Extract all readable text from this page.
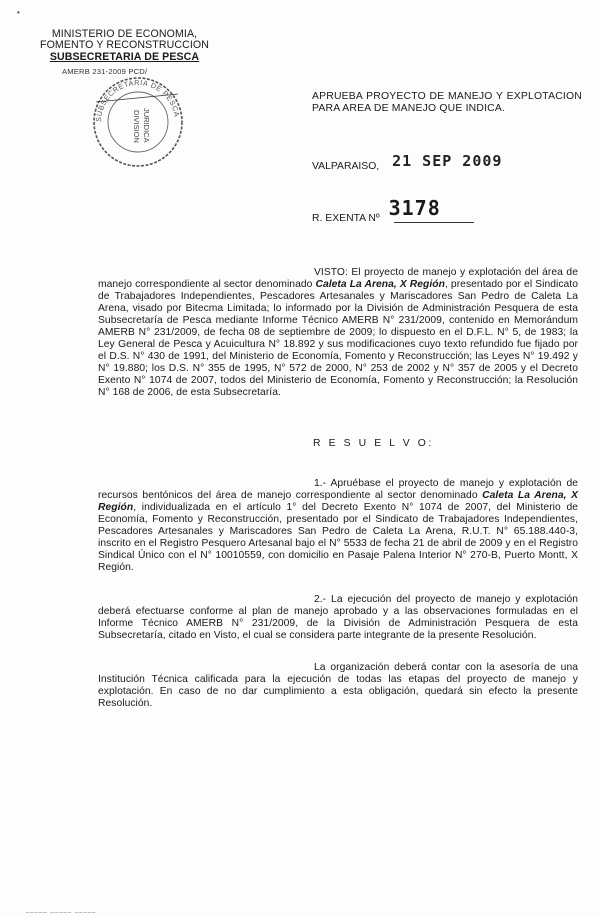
•
MINISTERIO DE ECONOMIA,
FOMENTO Y RECONSTRUCCION
SUBSECRETARIA DE PESCA
AMERB 231-2009 PCD/
SUBSECRETARIA DE PESCA
DIVISION JURIDICA
APRUEBA PROYECTO DE MANEJO Y EXPLOTACION PARA AREA DE MANEJO QUE INDICA.
VALPARAISO, 21 SEP 2009
R. EXENTA Nº 3178
VISTO: El proyecto de manejo y explotación del área de manejo correspondiente al sector denominado Caleta La Arena, X Región, presentado por el Sindicato de Trabajadores Independientes, Pescadores Artesanales y Mariscadores San Pedro de Caleta La Arena, visado por Bitecma Limitada; lo informado por la División de Administración Pesquera de esta Subsecretaría de Pesca mediante Informe Técnico AMERB N° 231/2009, contenido en Memorándum AMERB N° 231/2009, de fecha 08 de septiembre de 2009; lo dispuesto en el D.F.L. N° 5, de 1983; la Ley General de Pesca y Acuicultura N° 18.892 y sus modificaciones cuyo texto refundido fue fijado por el D.S. N° 430 de 1991, del Ministerio de Economía, Fomento y Reconstrucción; las Leyes N° 19.492 y N° 19.880; los D.S. N° 355 de 1995, N° 572 de 2000, N° 253 de 2002 y N° 357 de 2005 y el Decreto Exento N° 1074 de 2007, todos del Ministerio de Economía, Fomento y Reconstrucción; la Resolución N° 168 de 2006, de esta Subsecretaría.
R E S U E L V O:
1.- Apruébase el proyecto de manejo y explotación de recursos bentónicos del área de manejo correspondiente al sector denominado Caleta La Arena, X Región, individualizada en el artículo 1° del Decreto Exento N° 1074 de 2007, del Ministerio de Economía, Fomento y Reconstrucción, presentado por el Sindicato de Trabajadores Independientes, Pescadores Artesanales y Mariscadores San Pedro de Caleta La Arena, R.U.T. N° 65.188.440-3, inscrito en el Registro Pesquero Artesanal bajo el N° 5533 de fecha 21 de abril de 2009 y en el Registro Sindical Único con el N° 10010559, con domicilio en Pasaje Palena Interior N° 270-B, Puerto Montt, X Región.
2.- La ejecución del proyecto de manejo y explotación deberá efectuarse conforme al plan de manejo aprobado y a las observaciones formuladas en el Informe Técnico AMERB N° 231/2009, de la División de Administración Pesquera de esta Subsecretaría, citado en Visto, el cual se considera parte integrante de la presente Resolución.
La organización deberá contar con la asesoría de una Institución Técnica calificada para la ejecución de todas las etapas del proyecto de manejo y explotación. En caso de no dar cumplimiento a esta obligación, quedará sin efecto la presente Resolución.
_____ _____ _____
